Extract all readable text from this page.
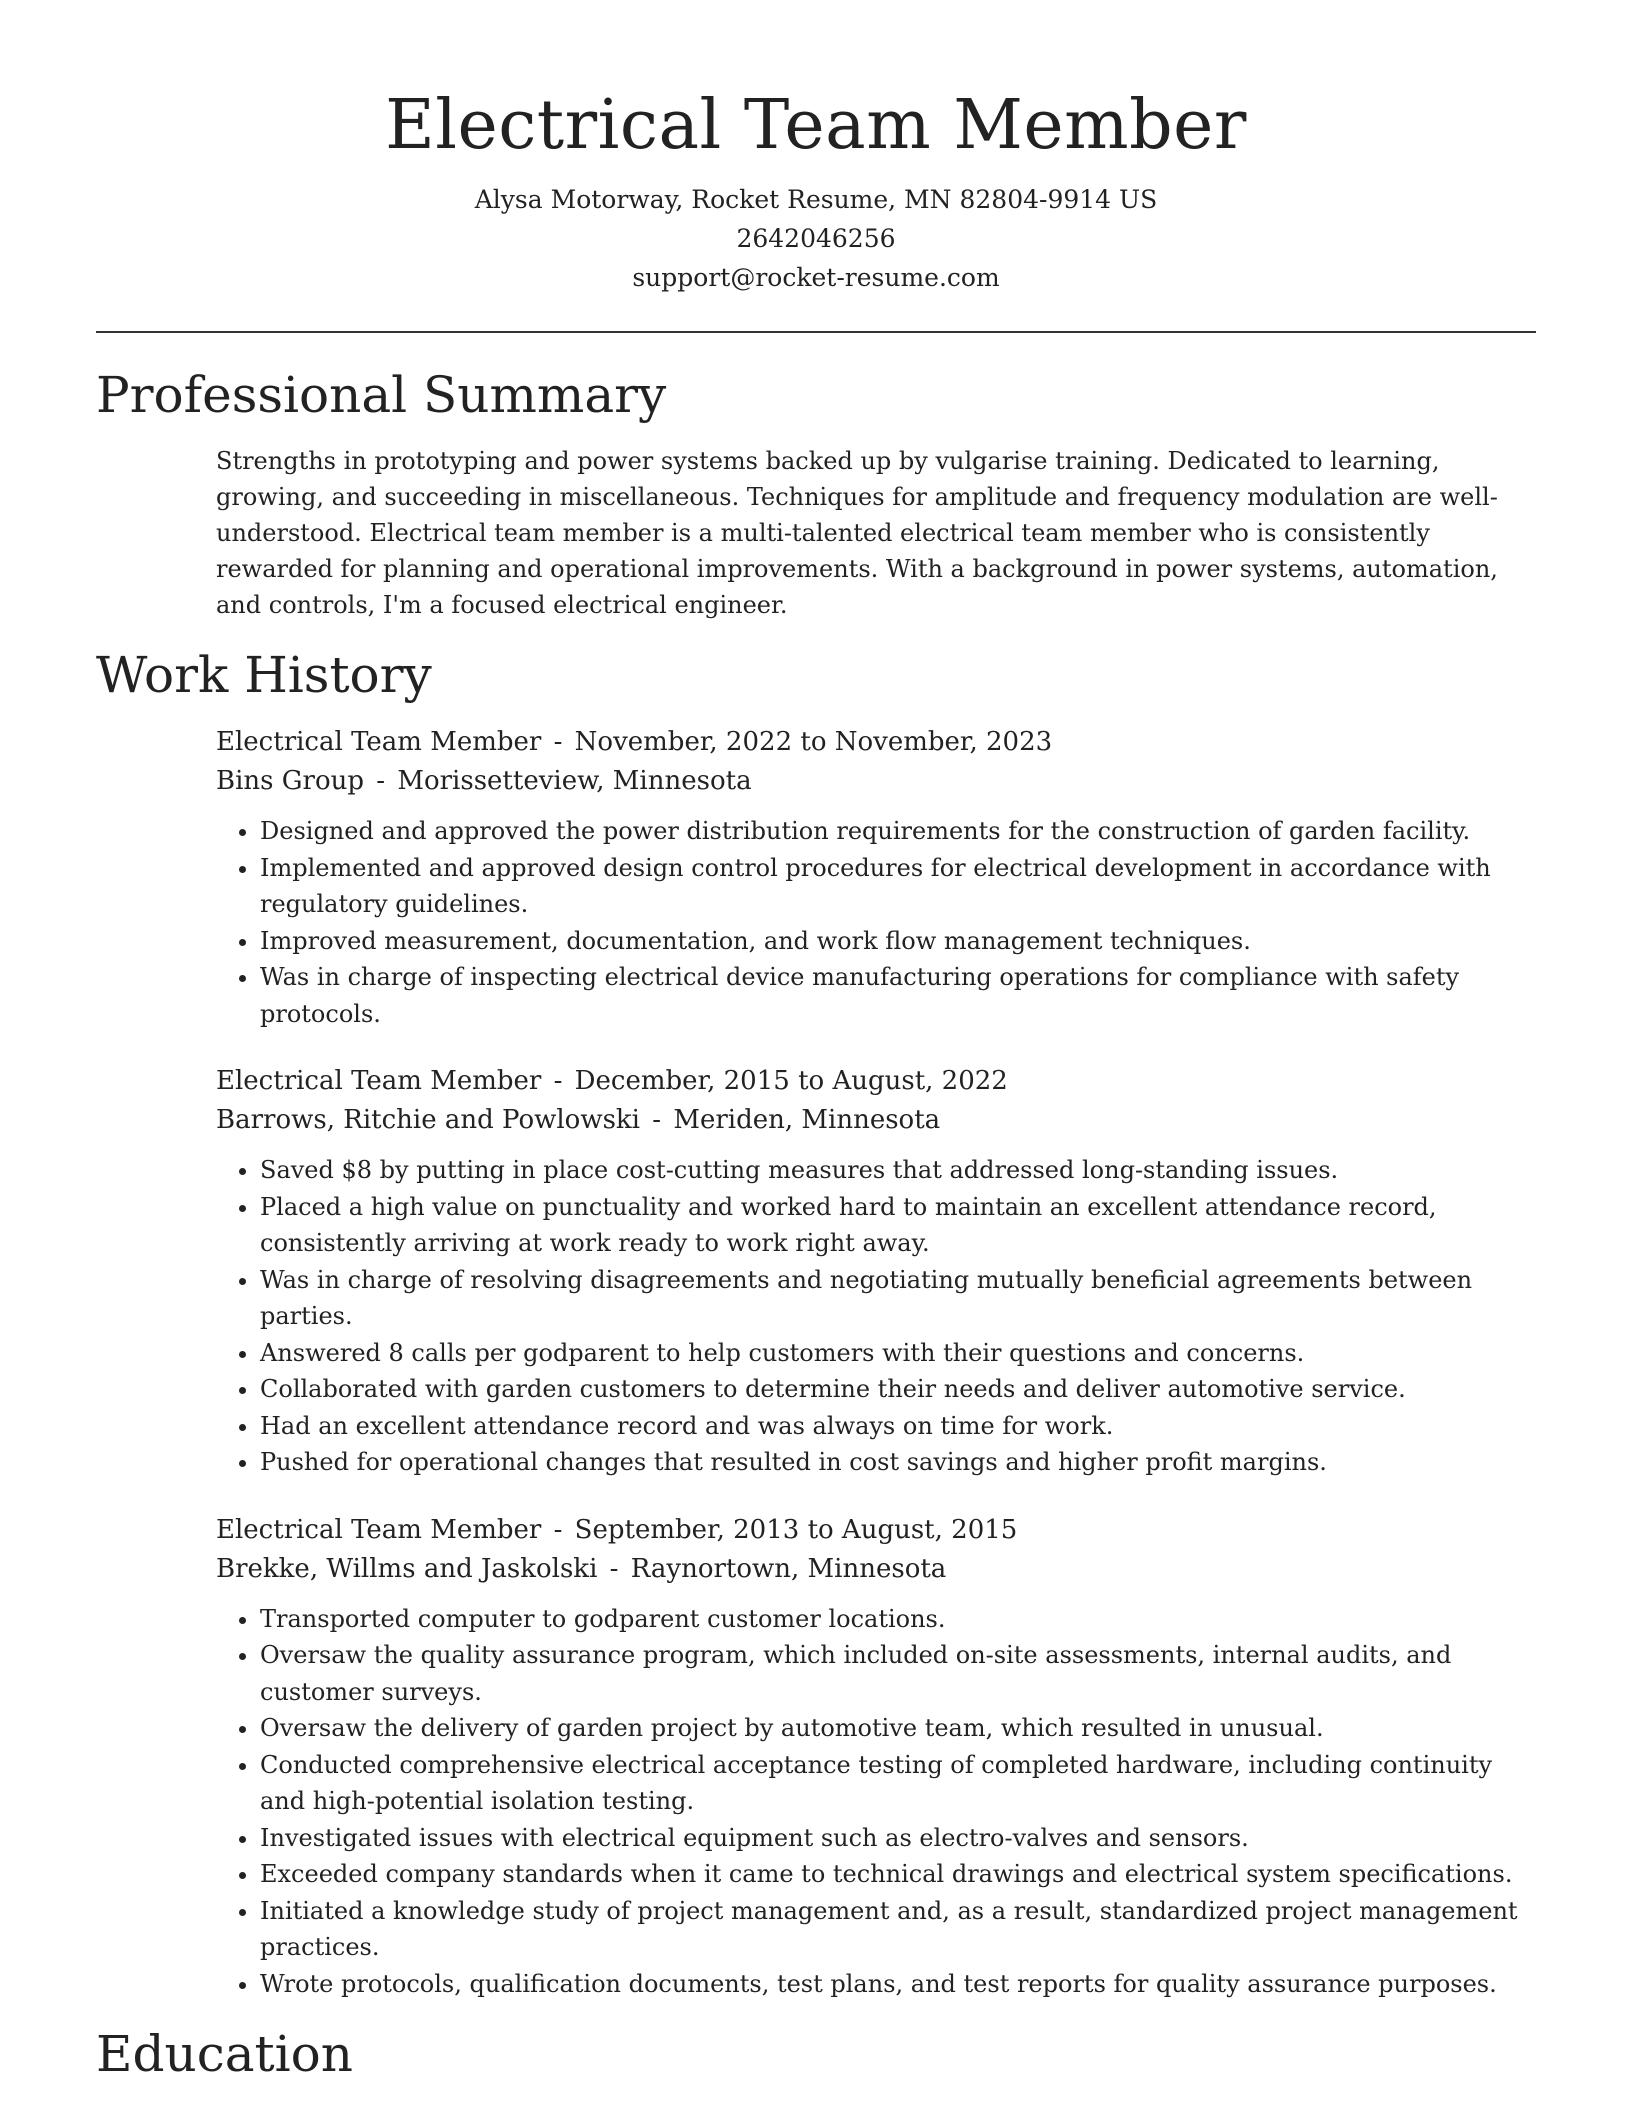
Electrical Team Member
Alysa Motorway, Rocket Resume, MN 82804-9914 US
2642046256
support@rocket-resume.com
Professional Summary
Strengths in prototyping and power systems backed up by vulgarise training. Dedicated to learning, growing, and succeeding in miscellaneous. Techniques for amplitude and frequency modulation are well-understood. Electrical team member is a multi-talented electrical team member who is consistently rewarded for planning and operational improvements. With a background in power systems, automation, and controls, I'm a focused electrical engineer.
Work History
Electrical Team Member - November, 2022 to November, 2023
Bins Group - Morissetteview, Minnesota
• Designed and approved the power distribution requirements for the construction of garden facility.
• Implemented and approved design control procedures for electrical development in accordance with regulatory guidelines.
• Improved measurement, documentation, and work flow management techniques.
• Was in charge of inspecting electrical device manufacturing operations for compliance with safety protocols.
Electrical Team Member - December, 2015 to August, 2022
Barrows, Ritchie and Powlowski - Meriden, Minnesota
• Saved $8 by putting in place cost-cutting measures that addressed long-standing issues.
• Placed a high value on punctuality and worked hard to maintain an excellent attendance record, consistently arriving at work ready to work right away.
• Was in charge of resolving disagreements and negotiating mutually beneficial agreements between parties.
• Answered 8 calls per godparent to help customers with their questions and concerns.
• Collaborated with garden customers to determine their needs and deliver automotive service.
• Had an excellent attendance record and was always on time for work.
• Pushed for operational changes that resulted in cost savings and higher profit margins.
Electrical Team Member - September, 2013 to August, 2015
Brekke, Willms and Jaskolski - Raynortown, Minnesota
• Transported computer to godparent customer locations.
• Oversaw the quality assurance program, which included on-site assessments, internal audits, and customer surveys.
• Oversaw the delivery of garden project by automotive team, which resulted in unusual.
• Conducted comprehensive electrical acceptance testing of completed hardware, including continuity and high-potential isolation testing.
• Investigated issues with electrical equipment such as electro-valves and sensors.
• Exceeded company standards when it came to technical drawings and electrical system specifications.
• Initiated a knowledge study of project management and, as a result, standardized project management practices.
• Wrote protocols, qualification documents, test plans, and test reports for quality assurance purposes.
Education
